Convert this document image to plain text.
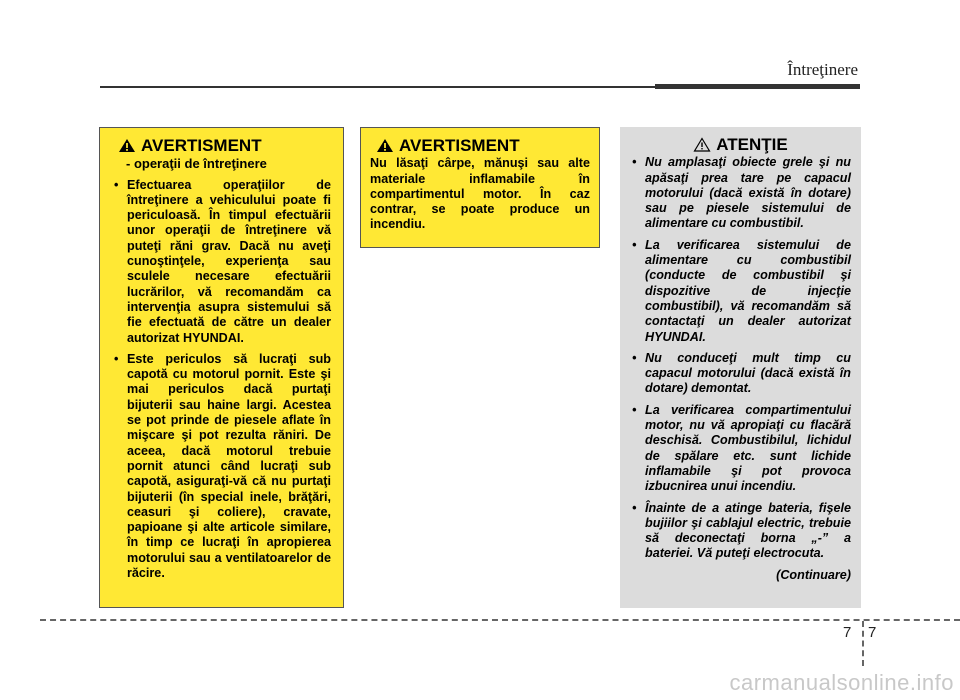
Întreţinere
AVERTISMENT
- operaţii de întreţinere
• Efectuarea operaţiilor de întreţinere a vehiculului poate fi periculoasă. În timpul efectuării unor operaţii de întreţinere vă puteţi răni grav. Dacă nu aveţi cunoştinţele, experienţa sau sculele necesare efectuării lucrărilor, vă recomandăm ca intervenţia asupra sistemului să fie efectuată de către un dealer autorizat HYUNDAI.
• Este periculos să lucraţi sub capotă cu motorul pornit. Este şi mai periculos dacă purtaţi bijuterii sau haine largi. Acestea se pot prinde de piesele aflate în mişcare şi pot rezulta răniri. De aceea, dacă motorul trebuie pornit atunci când lucraţi sub capotă, asiguraţi-vă că nu purtaţi bijuterii (în special inele, brăţări, ceasuri şi coliere), cravate, papioane şi alte articole similare, în timp ce lucraţi în apropierea motorului sau a ventilatoarelor de răcire.
AVERTISMENT

Nu lăsaţi cârpe, mănuşi sau alte materiale inflamabile în compartimentul motor. În caz contrar, se poate produce un incendiu.

ATENŢIE
• Nu amplasaţi obiecte grele şi nu apăsaţi prea tare pe capacul motorului (dacă există în dotare) sau pe piesele sistemului de alimentare cu combustibil.
• La verificarea sistemului de alimentare cu combustibil (conducte de combustibil şi dispozitive de injecţie combustibil), vă recomandăm să contactaţi un dealer autorizat HYUNDAI.
• Nu conduceţi mult timp cu capacul motorului (dacă există în dotare) demontat.
• La verificarea compartimentului motor, nu vă apropiaţi cu flacără deschisă. Combustibilul, lichidul de spălare etc. sunt lichide inflamabile şi pot provoca izbucnirea unui incendiu.
• Înainte de a atinge bateria, fişele bujiilor şi cablajul electric, trebuie să deconectaţi borna „-” a bateriei. Vă puteţi electrocuta.
(Continuare)
7 7
carmanualsonline.info
